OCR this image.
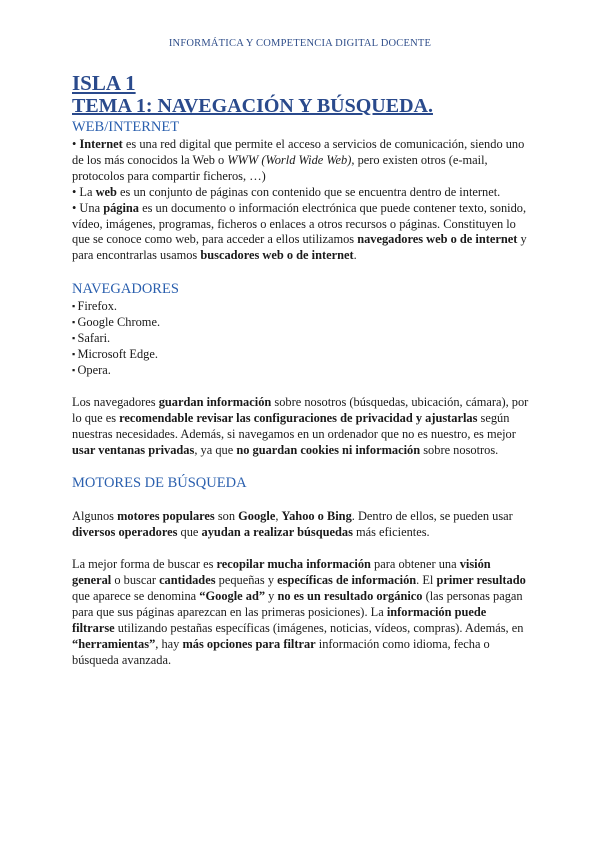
INFORMÁTICA Y COMPETENCIA DIGITAL DOCENTE
ISLA 1
TEMA 1: NAVEGACIÓN Y BÚSQUEDA.
WEB/INTERNET

• Internet es una red digital que permite el acceso a servicios de comunicación, siendo uno de los más conocidos la Web o WWW (World Wide Web), pero existen otros (e-mail, protocolos para compartir ficheros, …)

• La web es un conjunto de páginas con contenido que se encuentra dentro de internet.

• Una página es un documento o información electrónica que puede contener texto, sonido, vídeo, imágenes, programas, ficheros o enlaces a otros recursos o páginas. Constituyen lo que se conoce como web, para acceder a ellos utilizamos navegadores web o de internet y para encontrarlas usamos buscadores web o de internet.

NAVEGADORES
▪ Firefox.
▪ Google Chrome.
▪ Safari.
▪ Microsoft Edge.
▪ Opera.

Los navegadores guardan información sobre nosotros (búsquedas, ubicación, cámara), por lo que es recomendable revisar las configuraciones de privacidad y ajustarlas según nuestras necesidades. Además, si navegamos en un ordenador que no es nuestro, es mejor usar ventanas privadas, ya que no guardan cookies ni información sobre nosotros.

MOTORES DE BÚSQUEDA

Algunos motores populares son Google, Yahoo o Bing. Dentro de ellos, se pueden usar diversos operadores que ayudan a realizar búsquedas más eficientes.

La mejor forma de buscar es recopilar mucha información para obtener una visión general o buscar cantidades pequeñas y específicas de información. El primer resultado que aparece se denomina “Google ad” y no es un resultado orgánico (las personas pagan para que sus páginas aparezcan en las primeras posiciones). La información puede filtrarse utilizando pestañas específicas (imágenes, noticias, vídeos, compras). Además, en “herramientas”, hay más opciones para filtrar información como idioma, fecha o búsqueda avanzada.
